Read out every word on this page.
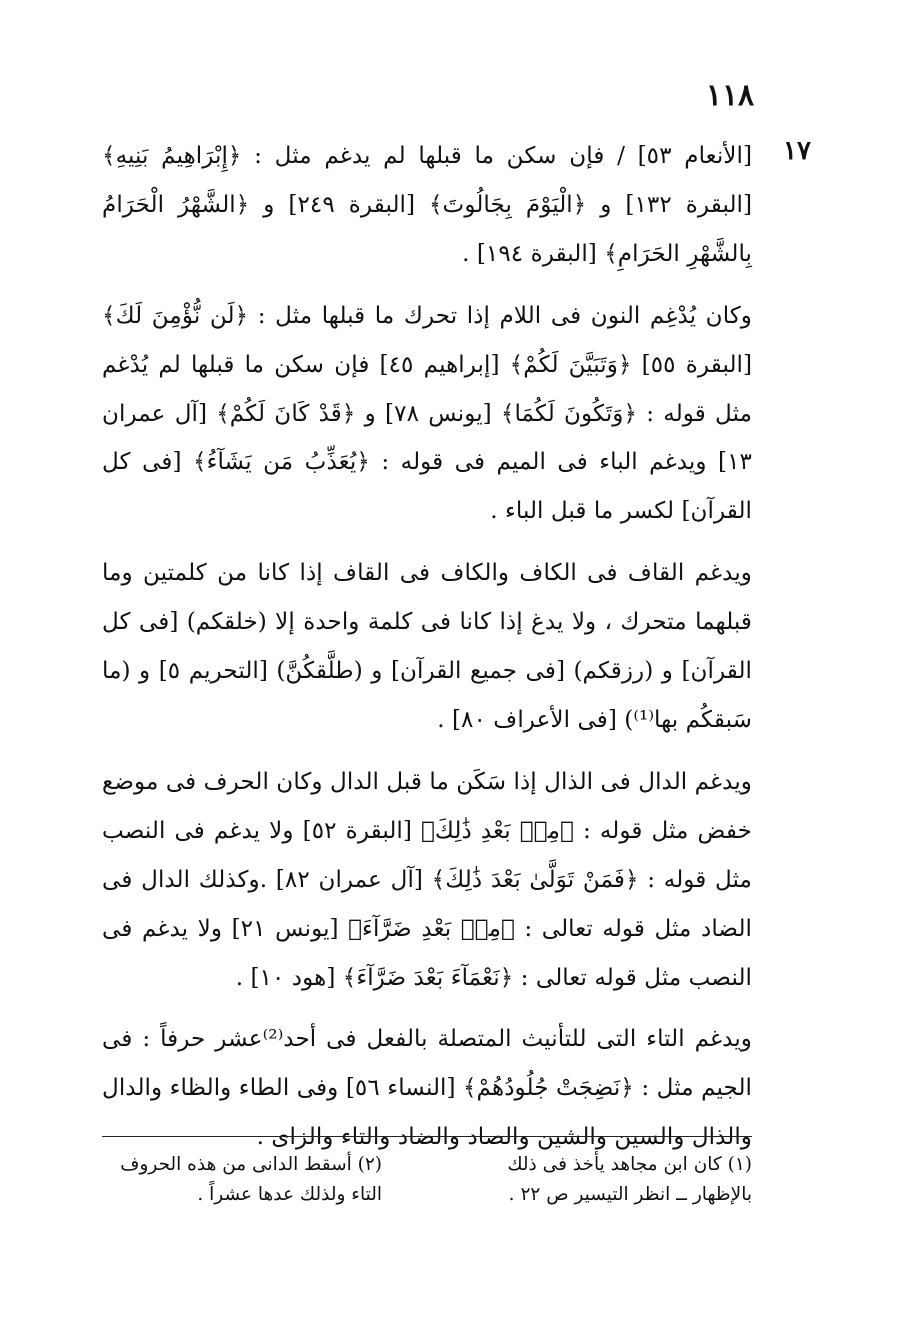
١١٨
١٧

[الأنعام ٥٣] / فإن سكن ما قبلها لم يدغم مثل : ﴿إِبْرَاهِيمُ بَنِيهِ﴾ [البقرة ١٣٢] و ﴿الْيَوْمَ بِجَالُوتَ﴾ [البقرة ٢٤٩] و ﴿الشَّهْرُ الْحَرَامُ بِالشَّهْرِ الحَرَامِ﴾ [البقرة ١٩٤] .

وكان يُدْغِم النون فى اللام إذا تحرك ما قبلها مثل : ﴿لَن نُّؤْمِنَ لَكَ﴾ [البقرة ٥٥] ﴿وَتَبَيَّنَ لَكُمْ﴾ [إبراهيم ٤٥] فإن سكن ما قبلها لم يُدْغم مثل قوله : ﴿وَتَكُونَ لَكُمَا﴾ [يونس ٧٨] و ﴿قَدْ كَانَ لَكُمْ﴾ [آل عمران ١٣] ويدغم الباء فى الميم فى قوله : ﴿يُعَذِّبُ مَن يَشَآءُ﴾ [فى كل القرآن] لكسر ما قبل الباء .

ويدغم القاف فى الكاف والكاف فى القاف إذا كانا من كلمتين وما قبلهما متحرك ، ولا يدغ إذا كانا فى كلمة واحدة إلا (خلقكم) [فى كل القرآن] و (رزقكم) [فى جميع القرآن] و (طلَّقكُنَّ) [التحريم ٥] و (ما سَبقكُم بها⁽¹⁾) [فى الأعراف ٨٠] .

ويدغم الدال فى الذال إذا سَكَن ما قبل الدال وكان الحرف فى موضع خفض مثل قوله : ﴿مِنۢ بَعْدِ ذَٰلِكَ﴾ [البقرة ٥٢] ولا يدغم فى النصب مثل قوله : ﴿فَمَنْ تَوَلَّىٰ بَعْدَ ذَٰلِكَ﴾ [آل عمران ٨٢] .وكذلك الدال فى الضاد مثل قوله تعالى : ﴿مِنۢ بَعْدِ ضَرَّآءَ﴾ [يونس ٢١] ولا يدغم فى النصب مثل قوله تعالى : ﴿نَعْمَآءَ بَعْدَ ضَرَّآءَ﴾ [هود ١٠] .

ويدغم التاء التى للتأنيث المتصلة بالفعل فى أحد⁽²⁾عشر حرفاً : فى الجيم مثل : ﴿نَضِجَتْ جُلُودُهُمْ﴾ [النساء ٥٦] وفى الطاء والظاء والدال والذال والسين والشين والصاد والضاد والتاء والزاى .

(١) كان ابن مجاهد يأخذ فى ذلك
بالإظهار ــ انظر التيسير ص ٢٢ .
(٢) أسقط الدانى من هذه الحروف
التاء ولذلك عدها عشراً .
